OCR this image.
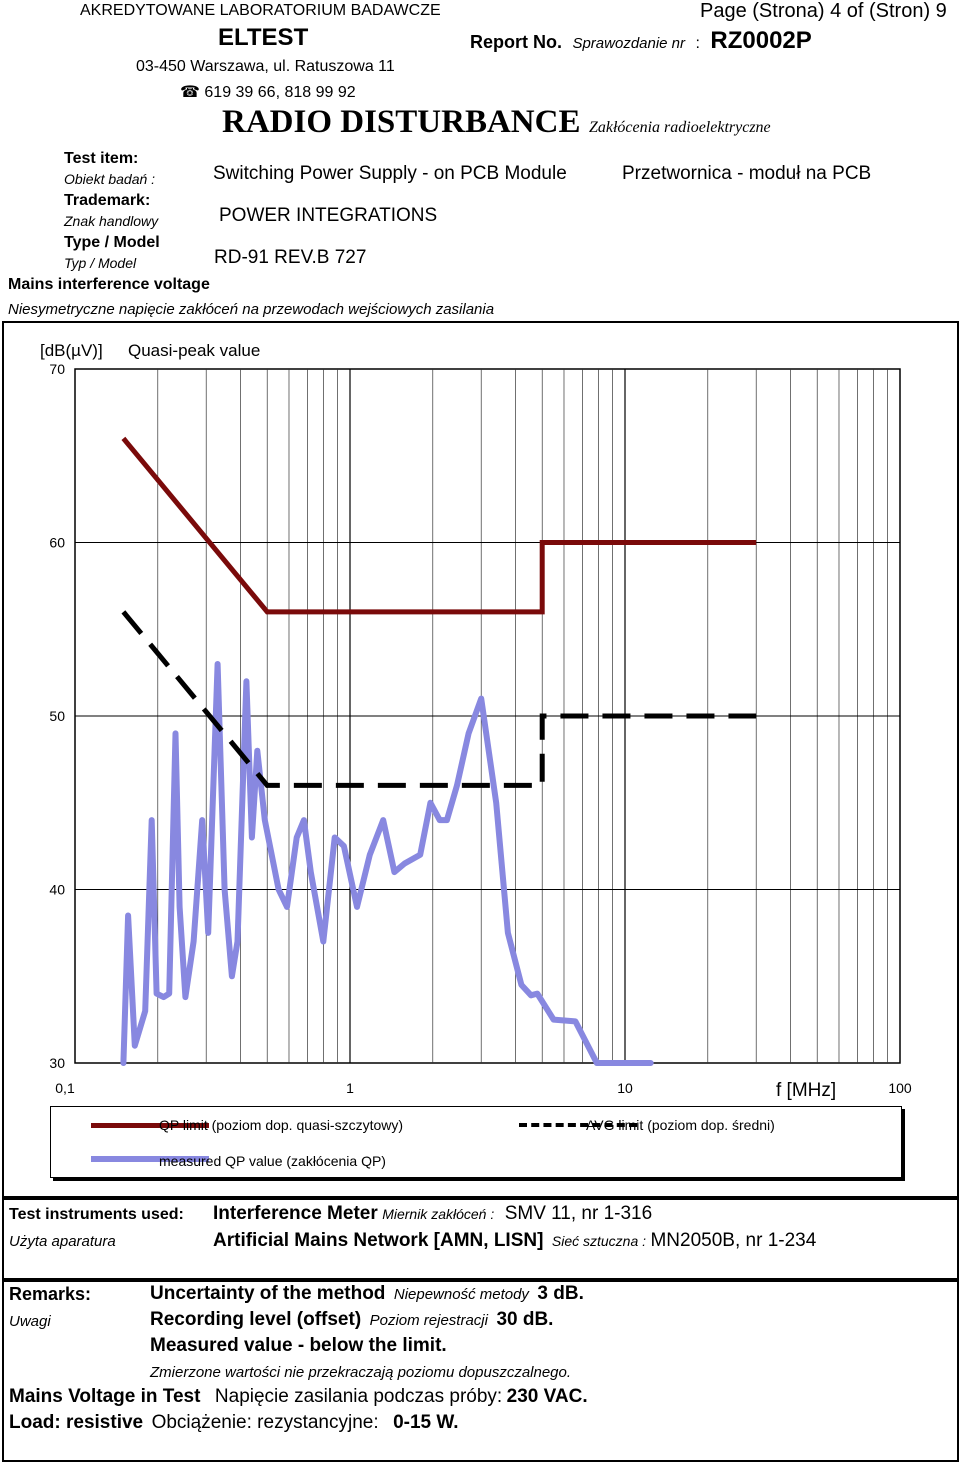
AKREDYTOWANE LABORATORIUM BADAWCZE
ELTEST
03-450 Warszawa, ul. Ratuszowa 11
☎ 619 39 66, 818 99 92
Page (Strona) 4 of (Stron) 9
Report No. Sprawozdanie nr : RZ0002P
RADIO DISTURBANCE Zakłócenia radioelektryczne
Test item:
Obiekt badań :	Switching Power Supply - on PCB Module	Przetwornica - moduł na PCB
Trademark:
Znak handlowy	POWER INTEGRATIONS
Type / Model
Typ / Model	RD-91 REV.B 727
Mains interference voltage
Niesymetryczne napięcie zakłóceń na przewodach wejściowych zasilania
70
60
50
40
30
0,1	1	10	100
[dB(µV)] Quasi-peak value
f [MHz]
QP limit (poziom dop. quasi-szczytowy)	AVG limit (poziom dop. średni)
measured QP value (zakłócenia QP)
Test instruments used:
Użyta aparatura
Interference Meter Miernik zakłóceń : SMV 11, nr 1-316
Artificial Mains Network [AMN, LISN] Sieć sztuczna : MN2050B, nr 1-234
Remarks:
Uwagi
Uncertainty of the method Niepewność metody 3 dB.
Recording level (offset) Poziom rejestracji 30 dB.
Measured value - below the limit.
Zmierzone wartości nie przekraczają poziomu dopuszczalnego.
Mains Voltage in Test Napięcie zasilania podczas próby: 230 VAC.
Load: resistive Obciążenie: rezystancyjne: 0-15 W.
